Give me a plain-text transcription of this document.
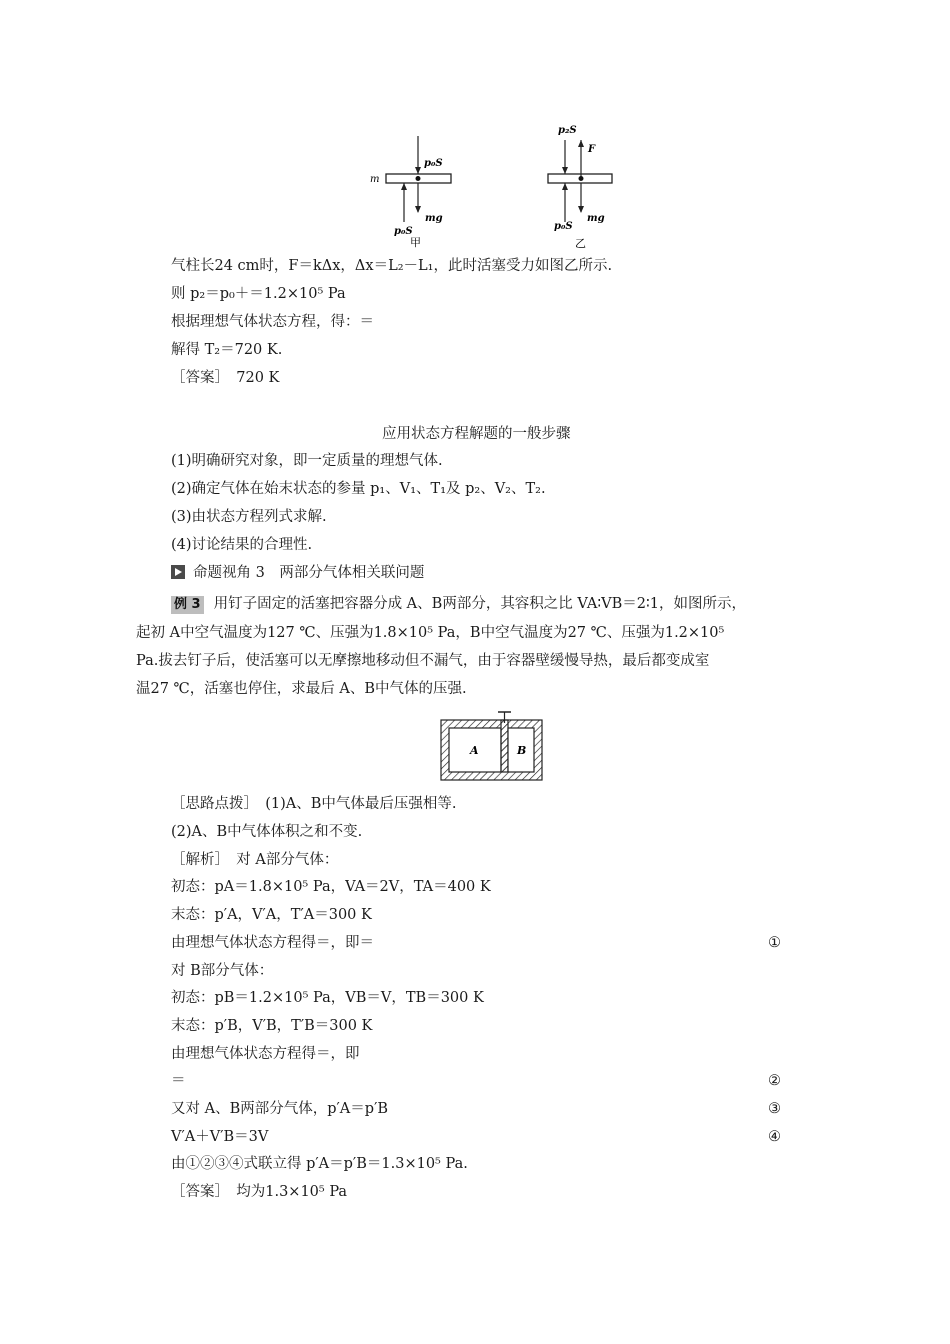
m
p₀S
mg
p₀S
甲
p₂S
F
mg
p₀S
乙
气柱长24 cm时，F＝kΔx，Δx＝L₂－L₁，此时活塞受力如图乙所示.
则 p₂＝p₀＋＝1.2×10⁵ Pa
根据理想气体状态方程，得：＝
解得 T₂＝720 K.
［答案］　720 K
应用状态方程解题的一般步骤
(1)明确研究对象，即一定质量的理想气体.
(2)确定气体在始末状态的参量 p₁、V₁、T₁及 p₂、V₂、T₂.
(3)由状态方程列式求解.
(4)讨论结果的合理性.
命题视角 3　两部分气体相关联问题
例 3 用钉子固定的活塞把容器分成 A、B两部分，其容积之比 VA∶VB＝2∶1，如图所示，
起初 A中空气温度为127 ℃、压强为1.8×10⁵ Pa，B中空气温度为27 ℃、压强为1.2×10⁵
Pa.拔去钉子后，使活塞可以无摩擦地移动但不漏气，由于容器壁缓慢导热，最后都变成室
温27 ℃，活塞也停住，求最后 A、B中气体的压强.
A	B
［思路点拨］　(1)A、B中气体最后压强相等.
(2)A、B中气体体积之和不变.
［解析］　对 A部分气体：
初态：pA＝1.8×10⁵ Pa，VA＝2V，TA＝400 K
末态：p′A，V′A，T′A＝300 K
由理想气体状态方程得＝，即＝	①
对 B部分气体：
初态：pB＝1.2×10⁵ Pa，VB＝V，TB＝300 K
末态：p′B，V′B，T′B＝300 K
由理想气体状态方程得＝，即
＝	②
又对 A、B两部分气体，p′A＝p′B	③
V′A＋V′B＝3V	④
由①②③④式联立得 p′A＝p′B＝1.3×10⁵ Pa.
［答案］　均为1.3×10⁵ Pa
